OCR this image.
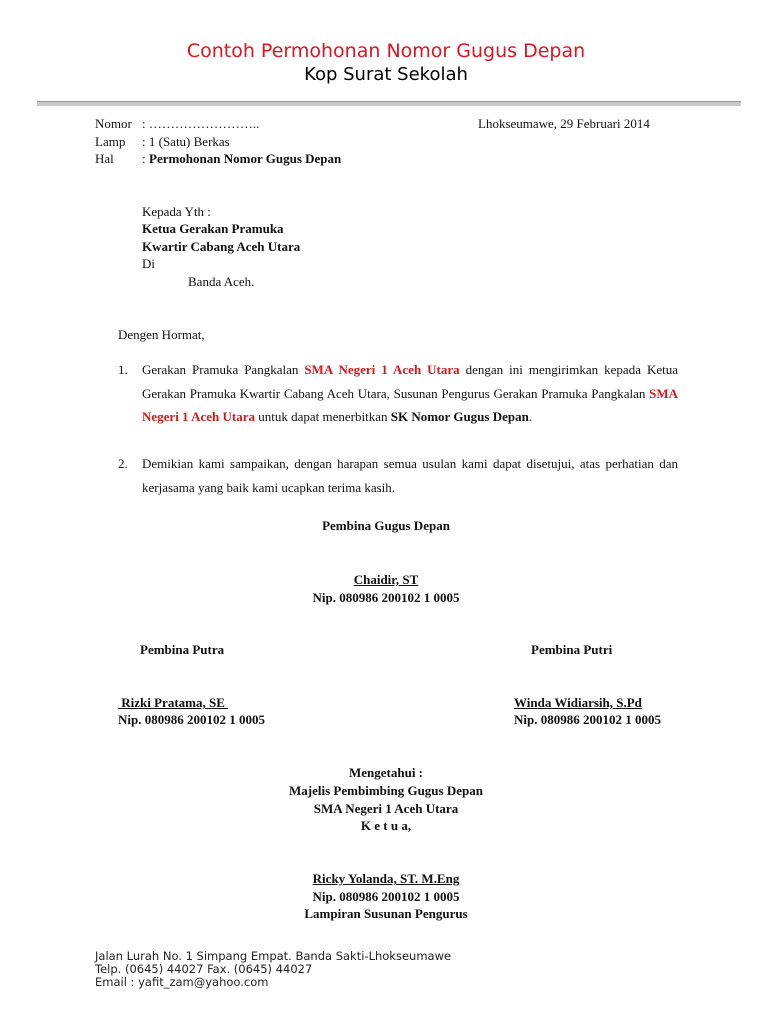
Contoh Permohonan Nomor Gugus Depan
Kop Surat Sekolah
Nomor : ……………………..
Lamp : 1 (Satu) Berkas
Hal : Permohonan Nomor Gugus Depan
Lhokseumawe, 29 Februari 2014
Kepada Yth :
Ketua Gerakan Pramuka
Kwartir Cabang Aceh Utara
Di
Banda Aceh.
Dengen Hormat,
1. Gerakan Pramuka Pangkalan SMA Negeri 1 Aceh Utara dengan ini mengirimkan kepada Ketua Gerakan Pramuka Kwartir Cabang Aceh Utara, Susunan Pengurus Gerakan Pramuka Pangkalan SMA Negeri 1 Aceh Utara untuk dapat menerbitkan SK Nomor Gugus Depan.
2. Demikian kami sampaikan, dengan harapan semua usulan kami dapat disetujui, atas perhatian dan kerjasama yang baik kami ucapkan terima kasih.
Pembina Gugus Depan
Chaidir, ST
Nip. 080986 200102 1 0005
Pembina Putra	Pembina Putri
Rizki Pratama, SE
Nip. 080986 200102 1 0005
Winda Widiarsih, S.Pd
Nip. 080986 200102 1 0005
Mengetahui :
Majelis Pembimbing Gugus Depan
SMA Negeri 1 Aceh Utara
K e t u a,
Ricky Yolanda, ST. M.Eng
Nip. 080986 200102 1 0005
Lampiran Susunan Pengurus
Jalan Lurah No. 1 Simpang Empat. Banda Sakti-Lhokseumawe
Telp. (0645) 44027 Fax. (0645) 44027
Email : yafit_zam@yahoo.com
